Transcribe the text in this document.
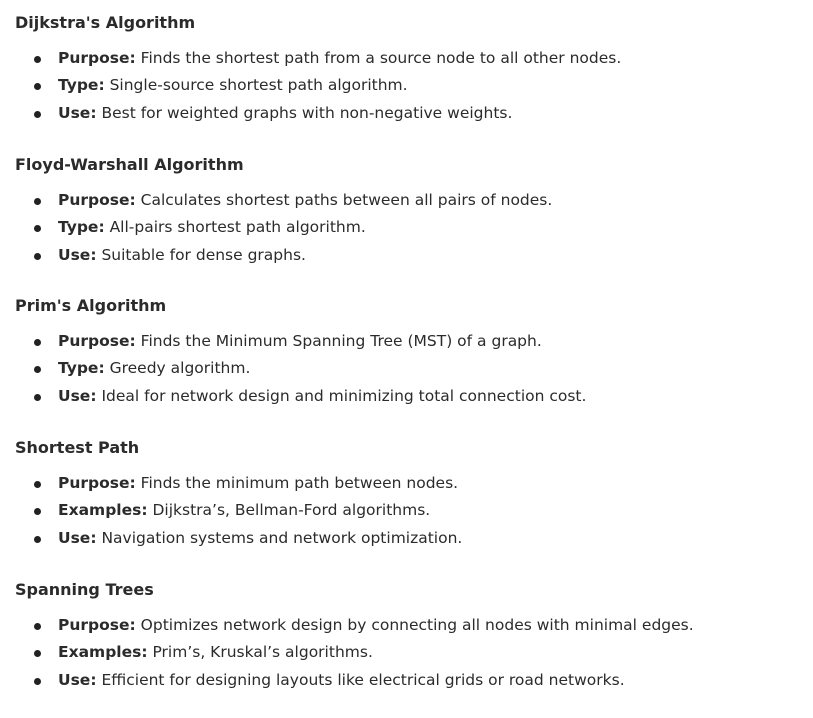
Dijkstra's Algorithm
Purpose: Finds the shortest path from a source node to all other nodes.
Type: Single-source shortest path algorithm.
Use: Best for weighted graphs with non-negative weights.
Floyd-Warshall Algorithm
Purpose: Calculates shortest paths between all pairs of nodes.
Type: All-pairs shortest path algorithm.
Use: Suitable for dense graphs.
Prim's Algorithm
Purpose: Finds the Minimum Spanning Tree (MST) of a graph.
Type: Greedy algorithm.
Use: Ideal for network design and minimizing total connection cost.
Shortest Path
Purpose: Finds the minimum path between nodes.
Examples: Dijkstra’s, Bellman-Ford algorithms.
Use: Navigation systems and network optimization.
Spanning Trees
Purpose: Optimizes network design by connecting all nodes with minimal edges.
Examples: Prim’s, Kruskal’s algorithms.
Use: Efficient for designing layouts like electrical grids or road networks.
